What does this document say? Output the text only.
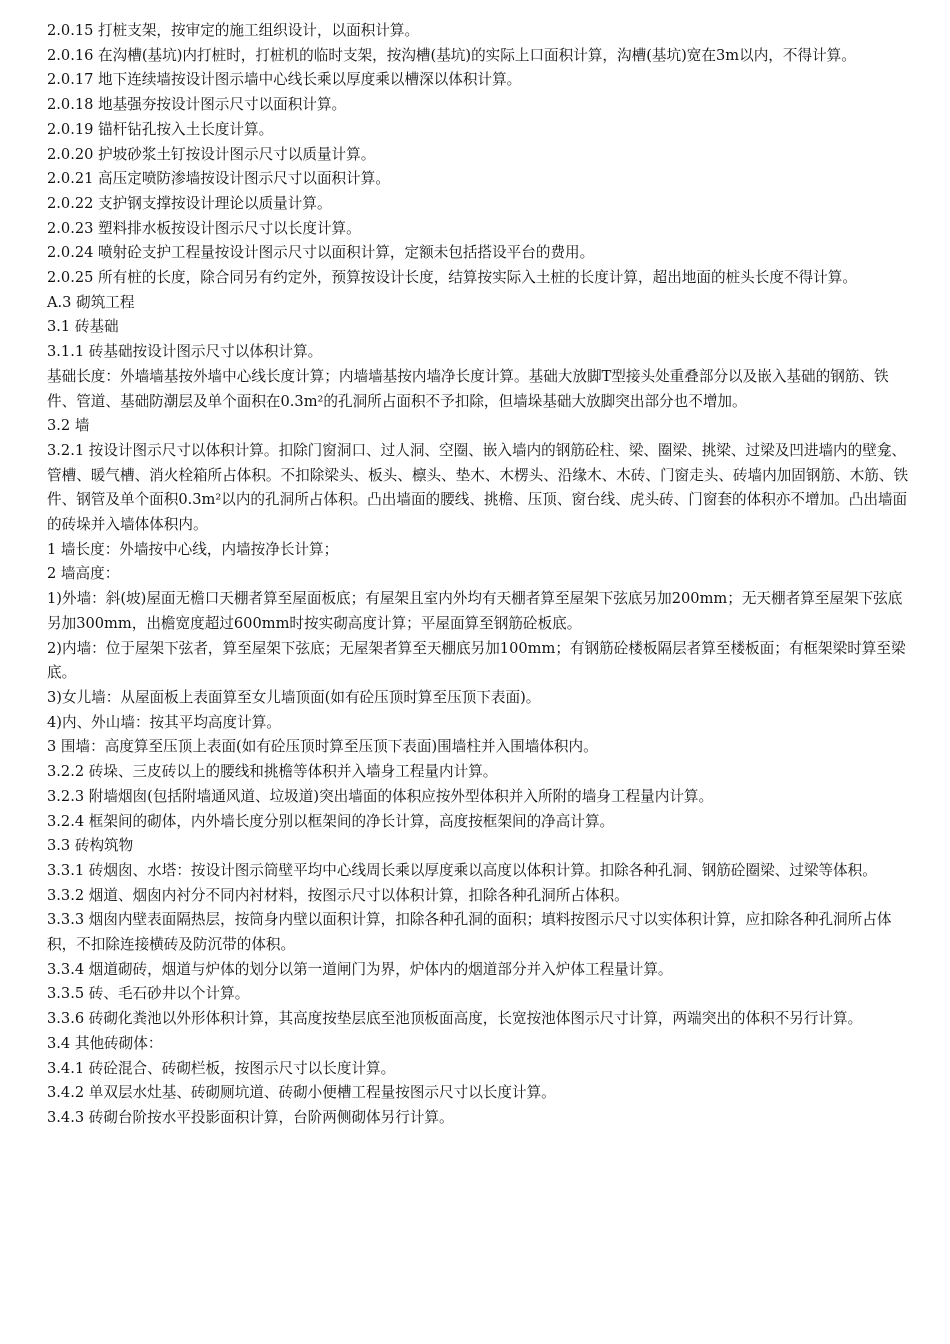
2.0.15 打桩支架，按审定的施工组织设计，以面积计算。

2.0.16 在沟槽(基坑)内打桩时，打桩机的临时支架，按沟槽(基坑)的实际上口面积计算，沟槽(基坑)宽在3m以内，不得计算。

2.0.17 地下连续墙按设计图示墙中心线长乘以厚度乘以槽深以体积计算。

2.0.18 地基强夯按设计图示尺寸以面积计算。

2.0.19 锚杆钻孔按入土长度计算。

2.0.20 护坡砂浆土钉按设计图示尺寸以质量计算。

2.0.21 高压定喷防渗墙按设计图示尺寸以面积计算。

2.0.22 支护钢支撑按设计理论以质量计算。

2.0.23 塑料排水板按设计图示尺寸以长度计算。

2.0.24 喷射砼支护工程量按设计图示尺寸以面积计算，定额未包括搭设平台的费用。

2.0.25 所有桩的长度，除合同另有约定外，预算按设计长度，结算按实际入土桩的长度计算，超出地面的桩头长度不得计算。

A.3 砌筑工程

3.1 砖基础

3.1.1 砖基础按设计图示尺寸以体积计算。

基础长度：外墙墙基按外墙中心线长度计算；内墙墙基按内墙净长度计算。基础大放脚T型接头处重叠部分以及嵌入基础的钢筋、铁件、管道、基础防潮层及单个面积在0.3m²的孔洞所占面积不予扣除，但墙垛基础大放脚突出部分也不增加。

3.2 墙

3.2.1 按设计图示尺寸以体积计算。扣除门窗洞口、过人洞、空圈、嵌入墙内的钢筋砼柱、梁、圈梁、挑梁、过梁及凹进墙内的壁龛、管槽、暖气槽、消火栓箱所占体积。不扣除梁头、板头、檩头、垫木、木楞头、沿缘木、木砖、门窗走头、砖墙内加固钢筋、木筋、铁件、钢管及单个面积0.3m²以内的孔洞所占体积。凸出墙面的腰线、挑檐、压顶、窗台线、虎头砖、门窗套的体积亦不增加。凸出墙面的砖垛并入墙体体积内。

1 墙长度：外墙按中心线，内墙按净长计算；

2 墙高度：

1)外墙：斜(坡)屋面无檐口天棚者算至屋面板底；有屋架且室内外均有天棚者算至屋架下弦底另加200mm；无天棚者算至屋架下弦底另加300mm，出檐宽度超过600mm时按实砌高度计算；平屋面算至钢筋砼板底。

2)内墙：位于屋架下弦者，算至屋架下弦底；无屋架者算至天棚底另加100mm；有钢筋砼楼板隔层者算至楼板面；有框架梁时算至梁底。

3)女儿墙：从屋面板上表面算至女儿墙顶面(如有砼压顶时算至压顶下表面)。

4)内、外山墙：按其平均高度计算。

3 围墙：高度算至压顶上表面(如有砼压顶时算至压顶下表面)围墙柱并入围墙体积内。

3.2.2 砖垛、三皮砖以上的腰线和挑檐等体积并入墙身工程量内计算。

3.2.3 附墙烟囱(包括附墙通风道、垃圾道)突出墙面的体积应按外型体积并入所附的墙身工程量内计算。

3.2.4 框架间的砌体，内外墙长度分别以框架间的净长计算，高度按框架间的净高计算。

3.3 砖构筑物

3.3.1 砖烟囱、水塔：按设计图示筒壁平均中心线周长乘以厚度乘以高度以体积计算。扣除各种孔洞、钢筋砼圈梁、过梁等体积。

3.3.2 烟道、烟囱内衬分不同内衬材料，按图示尺寸以体积计算，扣除各种孔洞所占体积。

3.3.3 烟囱内壁表面隔热层，按筒身内壁以面积计算，扣除各种孔洞的面积；填料按图示尺寸以实体积计算，应扣除各种孔洞所占体积，不扣除连接横砖及防沉带的体积。

3.3.4 烟道砌砖，烟道与炉体的划分以第一道闸门为界，炉体内的烟道部分并入炉体工程量计算。

3.3.5 砖、毛石砂井以个计算。

3.3.6 砖砌化粪池以外形体积计算，其高度按垫层底至池顶板面高度，长宽按池体图示尺寸计算，两端突出的体积不另行计算。

3.4 其他砖砌体：

3.4.1 砖砼混合、砖砌栏板，按图示尺寸以长度计算。

3.4.2 单双层水灶基、砖砌厕坑道、砖砌小便槽工程量按图示尺寸以长度计算。

3.4.3 砖砌台阶按水平投影面积计算，台阶两侧砌体另行计算。
